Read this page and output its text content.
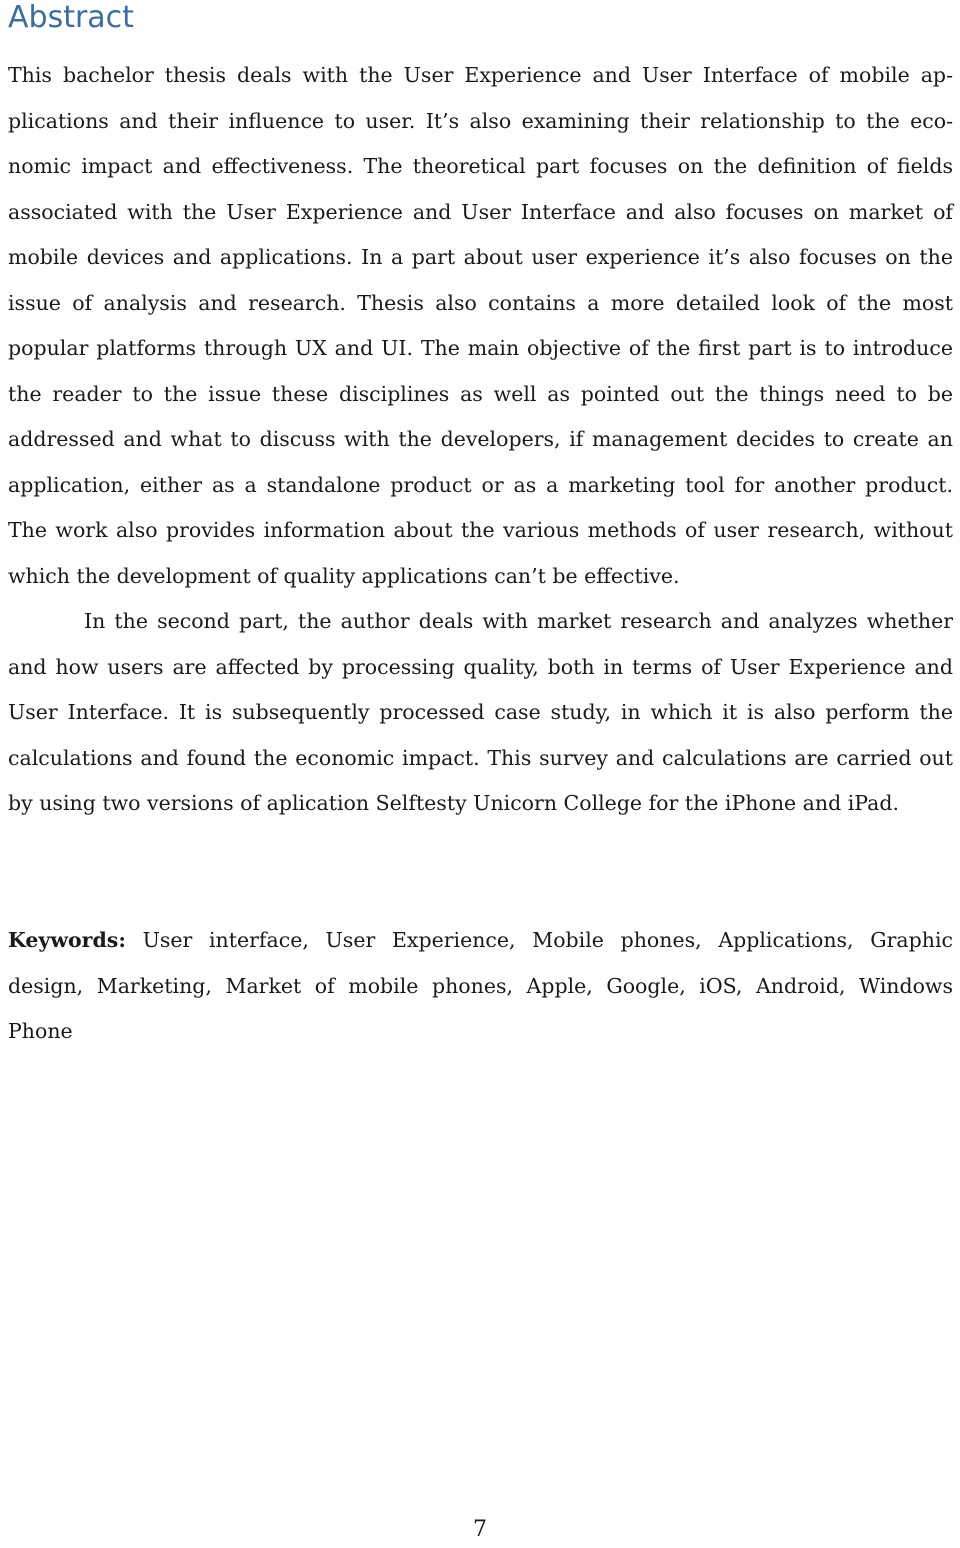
Abstract

This bachelor thesis deals with the User Experience and User Interface of mobile applications and their influence to user. It’s also examining their relationship to the economic impact and effectiveness. The theoretical part focuses on the definition of fields associated with the User Experience and User Interface and also focuses on market of mobile devices and applications. In a part about user experience it’s also focuses on the issue of analysis and research. Thesis also contains a more detailed look of the most popular platforms through UX and UI. The main objective of the first part is to introduce the reader to the issue these disciplines as well as pointed out the things need to be addressed and what to discuss with the developers, if management decides to create an application, either as a standalone product or as a marketing tool for another product. The work also provides information about the various methods of user research, without which the development of quality applications can’t be effective.

In the second part, the author deals with market research and analyzes whether and how users are affected by processing quality, both in terms of User Experience and User Interface. It is subsequently processed case study, in which it is also perform the calculations and found the economic impact. This survey and calculations are carried out by using two versions of aplication Selftesty Unicorn College for the iPhone and iPad.

Keywords: User interface, User Experience, Mobile phones, Applications, Graphic design, Marketing, Market of mobile phones, Apple, Google, iOS, Android, Windows Phone

7
